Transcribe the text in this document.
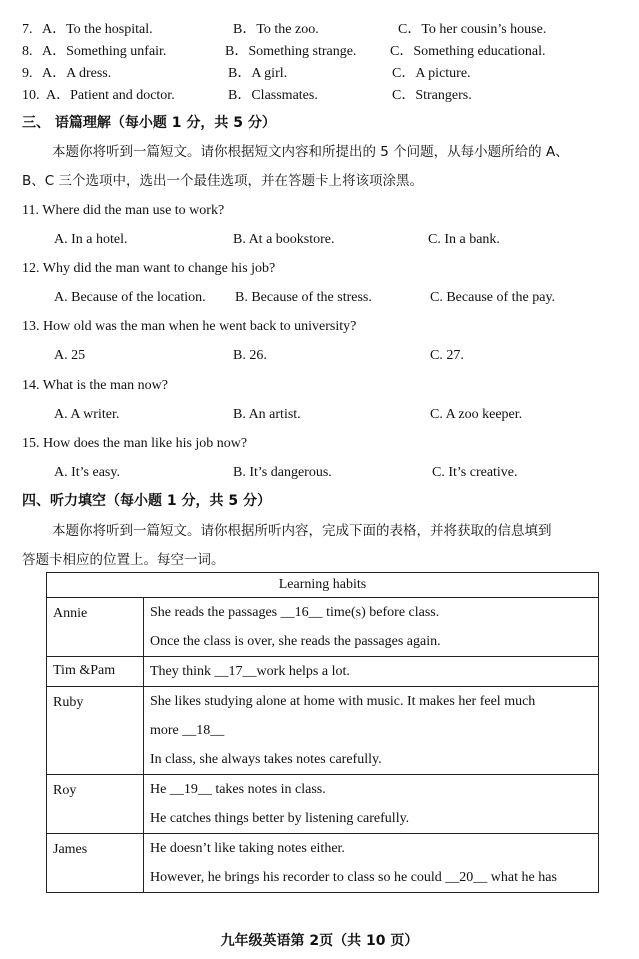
7. A．To the hospital.	B．To the zoo.	C．To her cousin’s house.
8. A．Something unfair.	B．Something strange. C．Something educational.
9. A．A dress.	B．A girl.	C．A picture.
10. A．Patient and doctor.	B．Classmates.	C．Strangers.
三、 语篇理解（每小题 1 分，共 5 分）
本题你将听到一篇短文。请你根据短文内容和所提出的 5 个问题，从每小题所给的 A、
B、C 三个选项中，选出一个最佳选项，并在答题卡上将该项涂黑。
11. Where did the man use to work?
A. In a hotel.	B. At a bookstore.	C. In a bank.
12. Why did the man want to change his job?
A. Because of the location. B. Because of the stress.	C. Because of the pay.
13. How old was the man when he went back to university?
A. 25	B. 26.	C. 27.
14. What is the man now?
A. A writer.	B. An artist.	C. A zoo keeper.
15. How does the man like his job now?
A. It’s easy.	B. It’s dangerous.	C. It’s creative.
四、听力填空（每小题 1 分，共 5 分）
本题你将听到一篇短文。请你根据所听内容，完成下面的表格，并将获取的信息填到
答题卡相应的位置上。每空一词。
Learning habits	
Annie	She reads the passages __16__ time(s) before class.
Once the class is over, she reads the passages again.

Tim &Pam	They think __17__work helps a lot.

Ruby	She likes studying alone at home with music. It makes her feel much
more __18__
In class, she always takes notes carefully.

Roy	He __19__ takes notes in class.
He catches things better by listening carefully.

James	He doesn’t like taking notes either.
However, he brings his recorder to class so he could __20__ what he has
九年级英语第 2页（共 10 页）
